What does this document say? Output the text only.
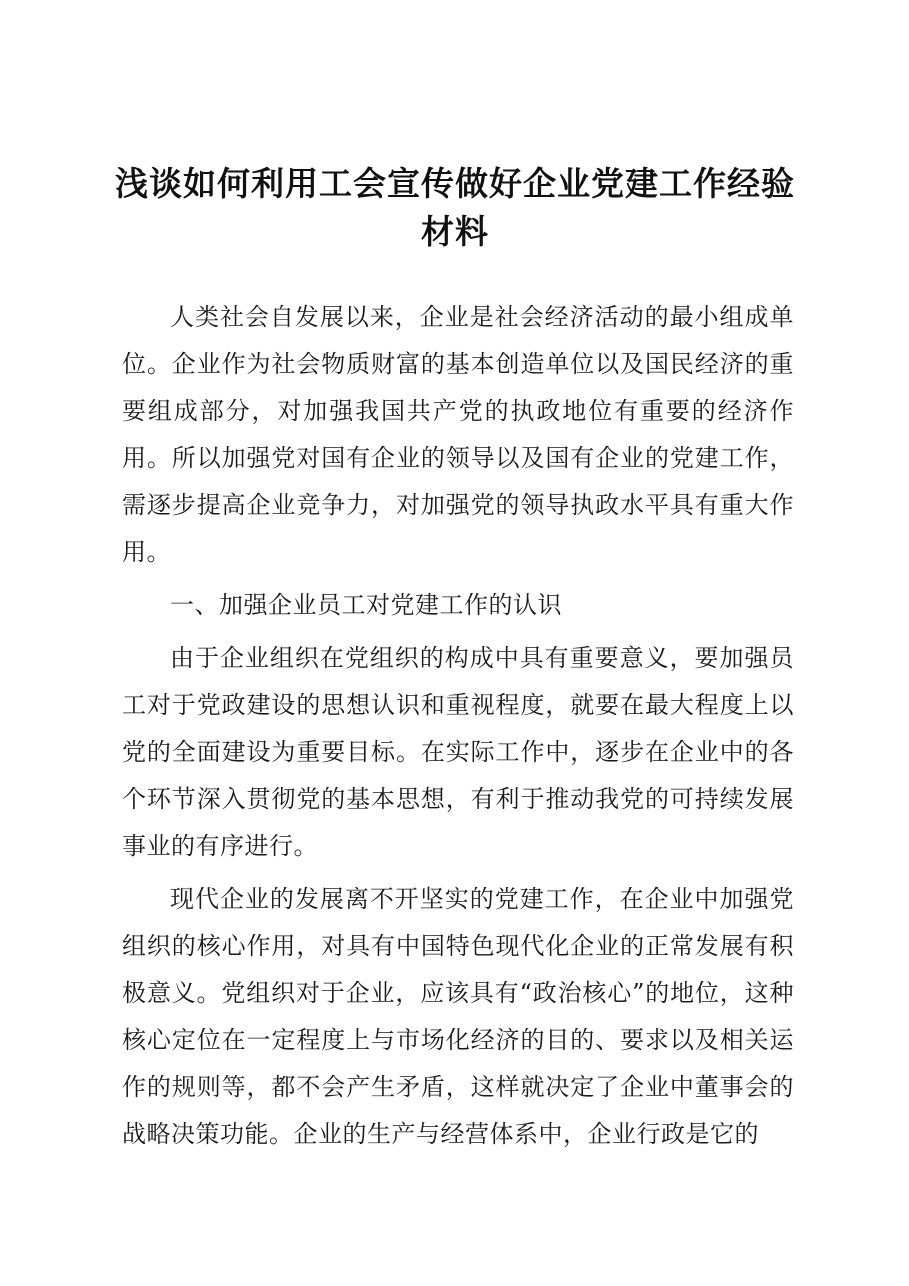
浅谈如何利用工会宣传做好企业党建工作经验材料

人类社会自发展以来，企业是社会经济活动的最小组成单位。企业作为社会物质财富的基本创造单位以及国民经济的重要组成部分，对加强我国共产党的执政地位有重要的经济作用。所以加强党对国有企业的领导以及国有企业的党建工作，需逐步提高企业竞争力，对加强党的领导执政水平具有重大作用。

一、加强企业员工对党建工作的认识

由于企业组织在党组织的构成中具有重要意义，要加强员工对于党政建设的思想认识和重视程度，就要在最大程度上以党的全面建设为重要目标。在实际工作中，逐步在企业中的各个环节深入贯彻党的基本思想，有利于推动我党的可持续发展事业的有序进行。

现代企业的发展离不开坚实的党建工作，在企业中加强党组织的核心作用，对具有中国特色现代化企业的正常发展有积极意义。党组织对于企业，应该具有“政治核心”的地位，这种核心定位在一定程度上与市场化经济的目的、要求以及相关运作的规则等，都不会产生矛盾，这样就决定了企业中董事会的战略决策功能。企业的生产与经营体系中，企业行政是它的
